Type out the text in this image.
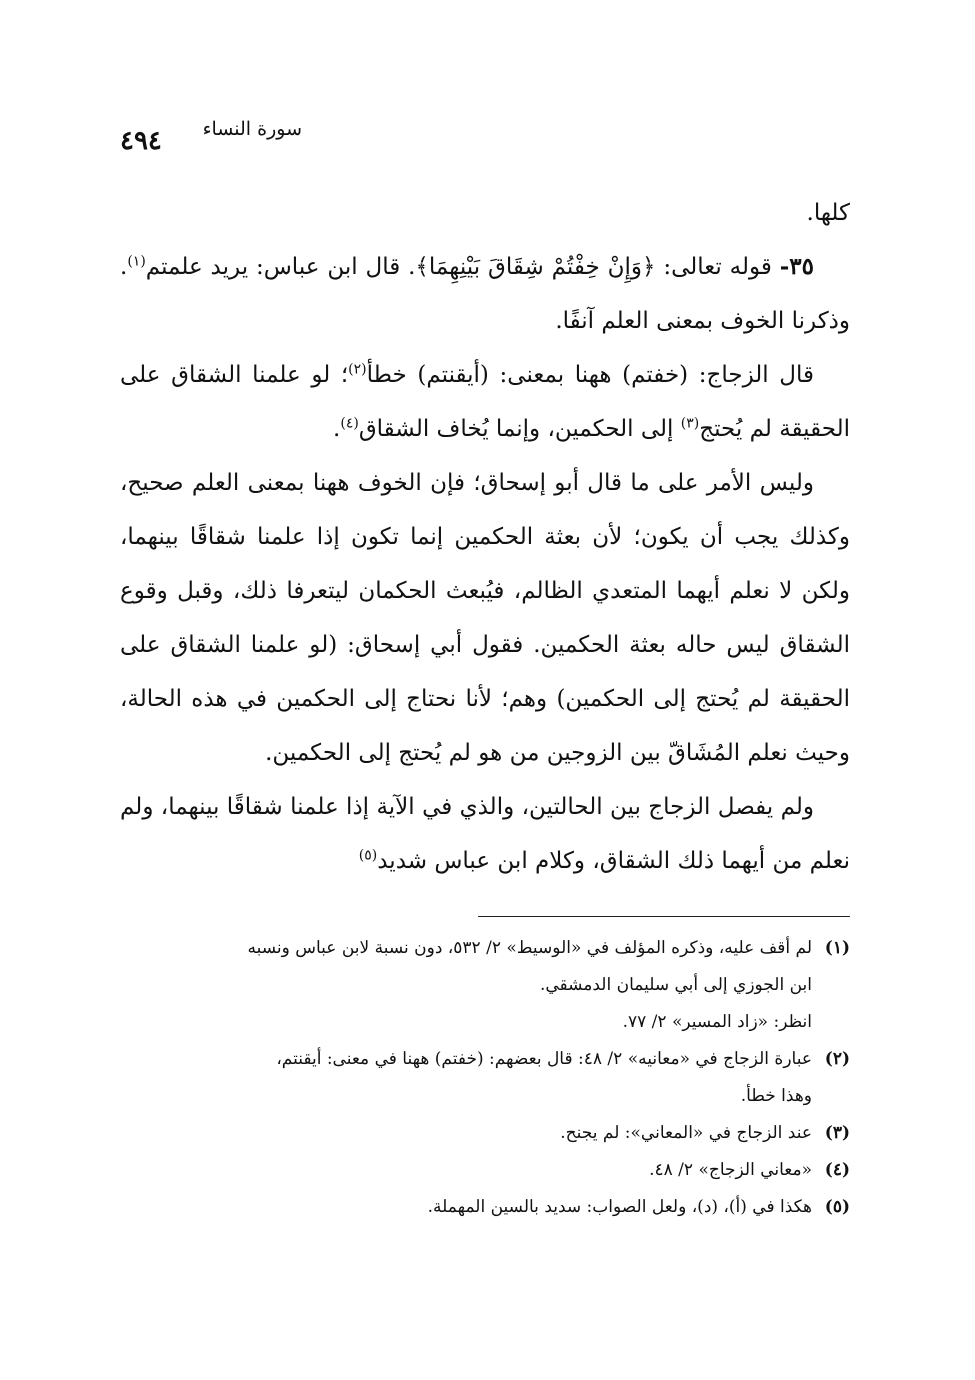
٤٩٤ سورة النساء

كلها.

٣٥- قوله تعالى: ﴿وَإِنْ خِفْتُمْ شِقَاقَ بَيْنِهِمَا﴾. قال ابن عباس: يريد علمتم$^{(١)}$. وذكرنا الخوف بمعنى العلم آنفًا.

قال الزجاج: (خفتم) ههنا بمعنى: (أيقنتم) خطأ$^{(٢)}$؛ لو علمنا الشقاق على الحقيقة لم يُحتج$^{(٣)}$ إلى الحكمين، وإنما يُخاف الشقاق$^{(٤)}$.

وليس الأمر على ما قال أبو إسحاق؛ فإن الخوف ههنا بمعنى العلم صحيح، وكذلك يجب أن يكون؛ لأن بعثة الحكمين إنما تكون إذا علمنا شقاقًا بينهما، ولكن لا نعلم أيهما المتعدي الظالم، فيُبعث الحكمان ليتعرفا ذلك، وقبل وقوع الشقاق ليس حاله بعثة الحكمين. فقول أبي إسحاق: (لو علمنا الشقاق على الحقيقة لم يُحتج إلى الحكمين) وهم؛ لأنا نحتاج إلى الحكمين في هذه الحالة، وحيث نعلم المُشَاقّ بين الزوجين من هو لم يُحتج إلى الحكمين.

ولم يفصل الزجاج بين الحالتين، والذي في الآية إذا علمنا شقاقًا بينهما، ولم نعلم من أيهما ذلك الشقاق، وكلام ابن عباس شديد$^{(٥)}$

(١)
لم أقف عليه، وذكره المؤلف في «الوسيط» ٢/ ٥٣٢، دون نسبة لابن عباس ونسبه
ابن الجوزي إلى أبي سليمان الدمشقي.
انظر: «زاد المسير» ٢/ ٧٧.
(٢)
عبارة الزجاج في «معانيه» ٢/ ٤٨: قال بعضهم: (خفتم) ههنا في معنى: أيقنتم،
وهذا خطأ.
(٣)
عند الزجاج في «المعاني»: لم يجنح.
(٤)
«معاني الزجاج» ٢/ ٤٨.
(٥)
هكذا في (أ)، (د)، ولعل الصواب: سديد بالسين المهملة.
